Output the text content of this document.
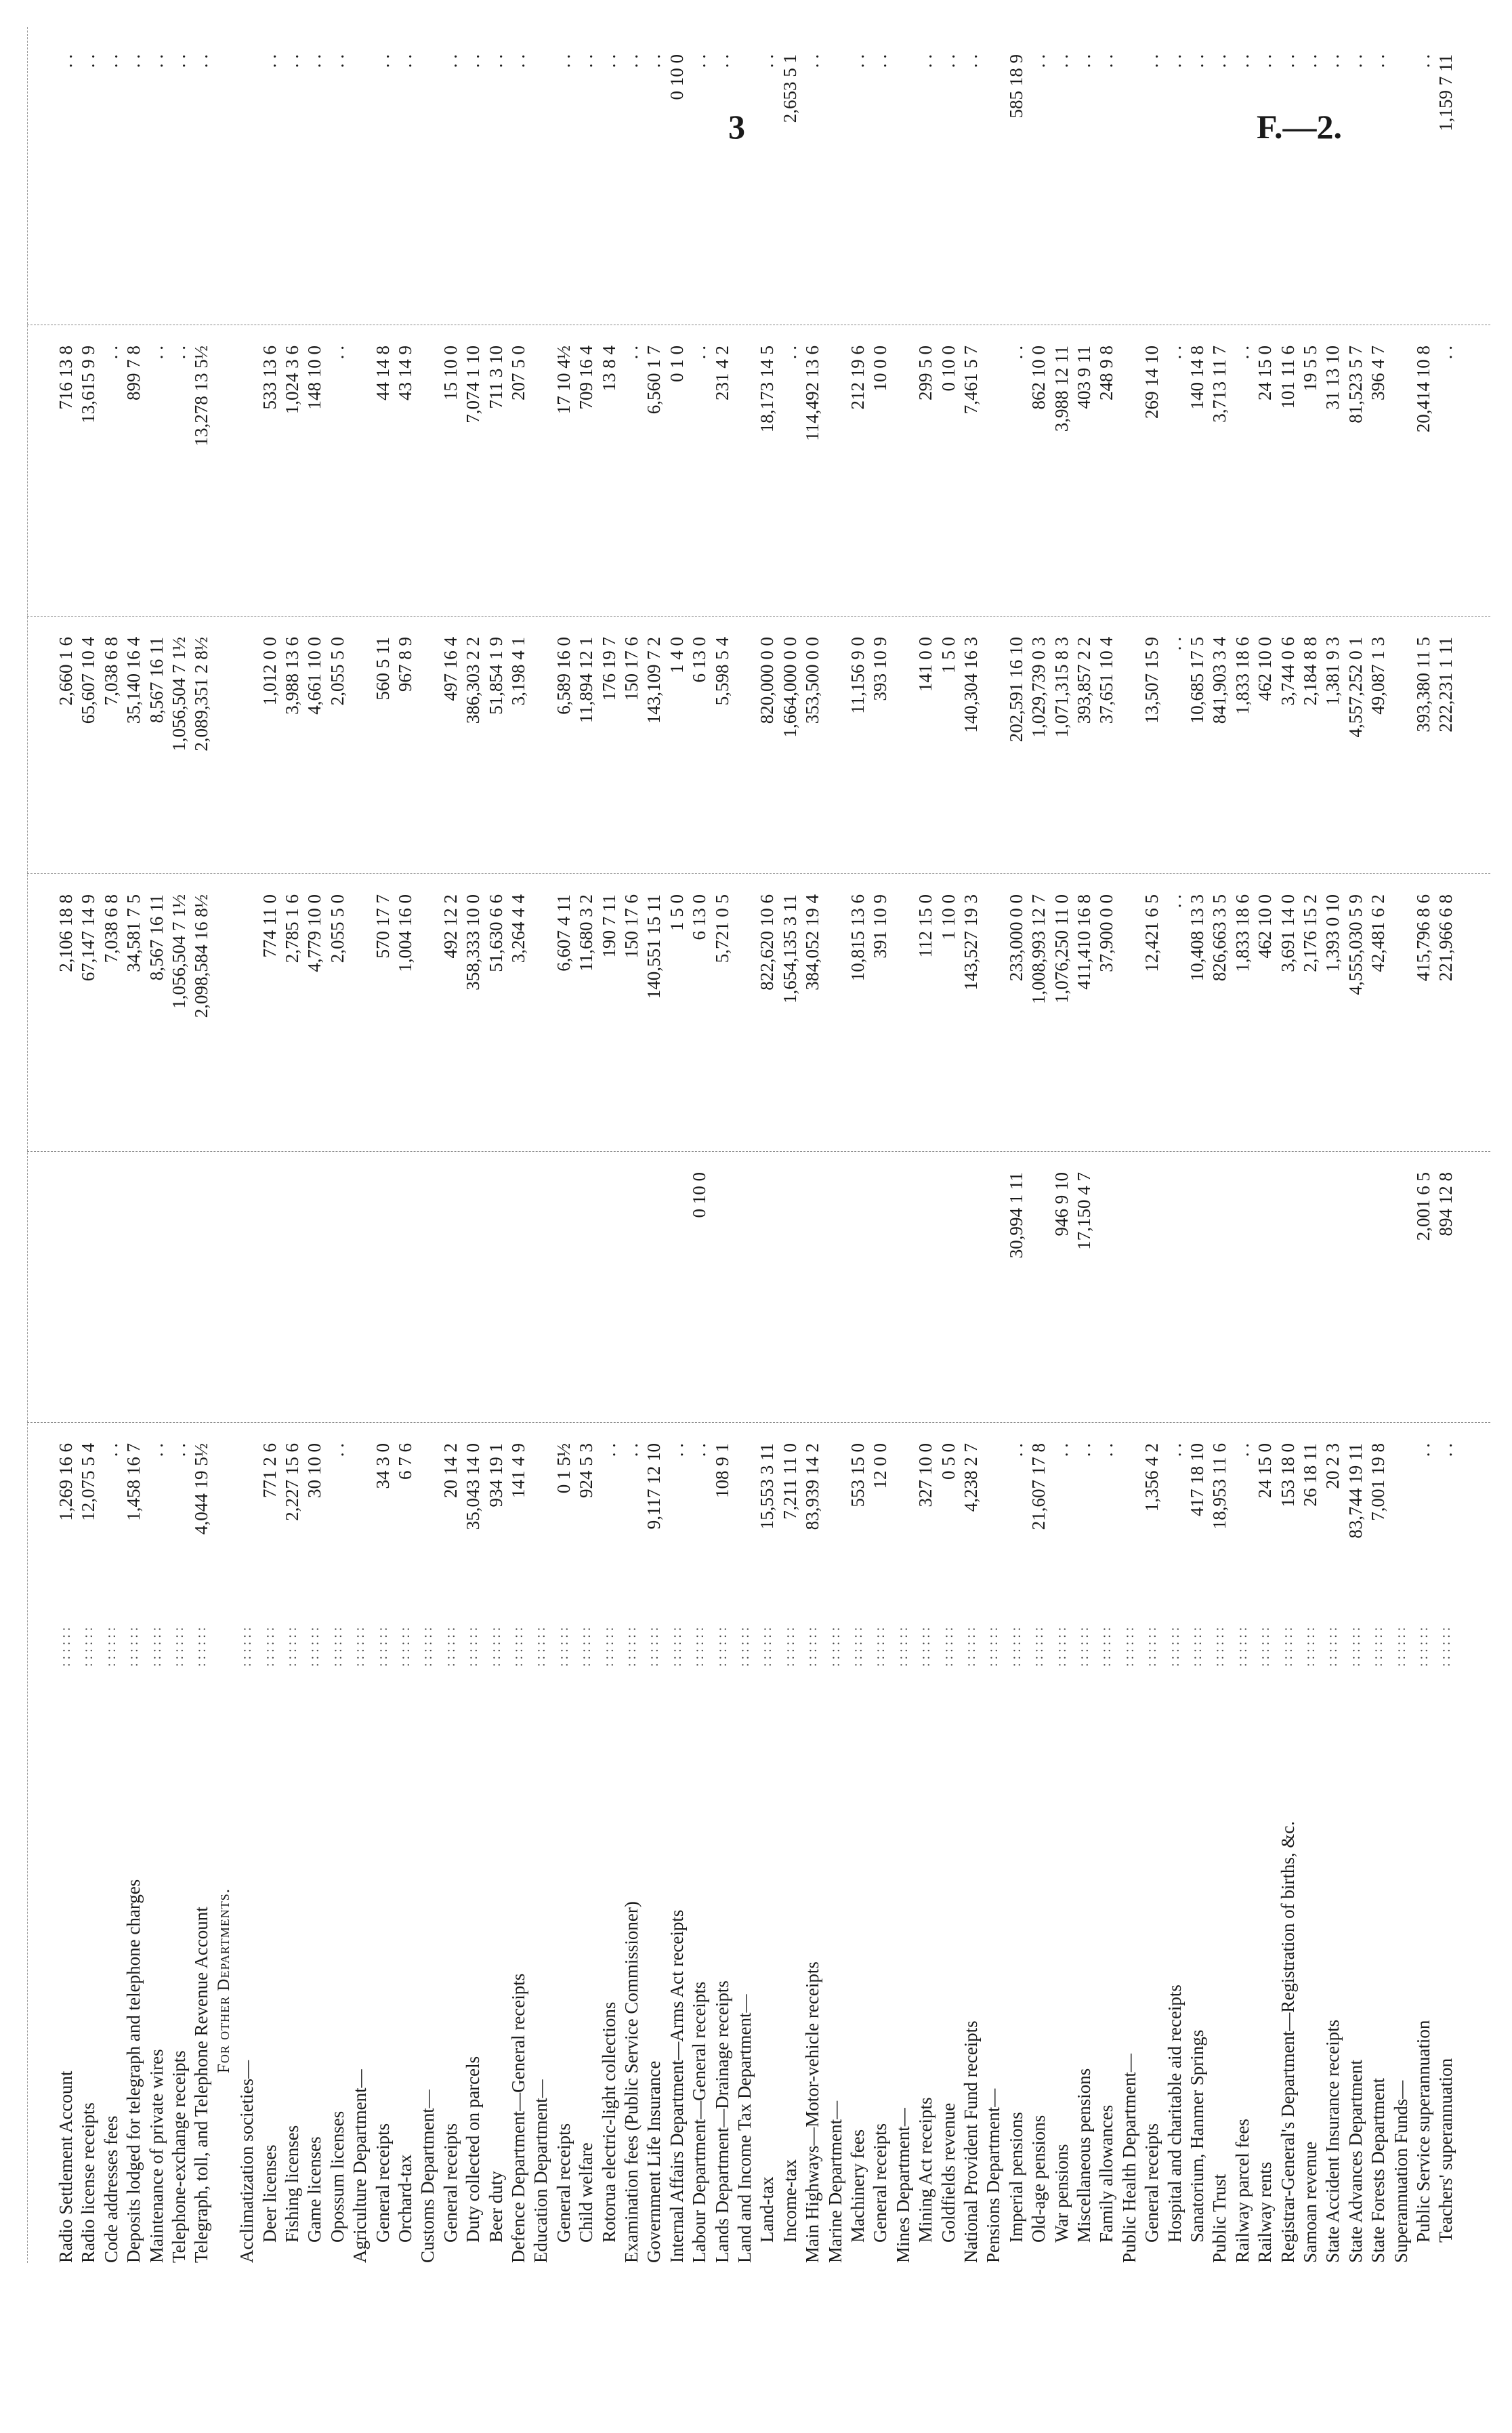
3	F.—2.
Radio Settlement Account
: : : : : :
1,269 16 6
2,106 18 8
2,660 1 6
716 13 8
. .
Radio license receipts
: : : : : :
12,075 5 4
67,147 14 9
65,607 10 4
13,615 9 9
. .
Code addresses fees
: : : : : :
. .
7,038 6 8
7,038 6 8
. .
. .
Deposits lodged for telegraph and telephone charges
: : : : : :
1,458 16 7
34,581 7 5
35,140 16 4
899 7 8
. .
Maintenance of private wires
: : : : : :
. .
8,567 16 11
8,567 16 11
. .
. .
Telephone-exchange receipts
: : : : : :
. .
1,056,504 7 1½
1,056,504 7 1½
. .
. .
Telegraph, toll, and Telephone Revenue Account
: : : : : :
4,044 19 5½
2,098,584 16 8½
2,089,351 2 8½
13,278 13 5½
. .
For other Departments.
Acclimatization societies—
: : : : : :
Deer licenses
: : : : : :
771 2 6
774 11 0
1,012 0 0
533 13 6
. .
Fishing licenses
: : : : : :
2,227 15 6
2,785 1 6
3,988 13 6
1,024 3 6
. .
Game licenses
: : : : : :
30 10 0
4,779 10 0
4,661 10 0
148 10 0
. .
Opossum licenses
: : : : : :
. .
2,055 5 0
2,055 5 0
. .
. .
Agriculture Department—
: : : : : :
General receipts
: : : : : :
34 3 0
570 17 7
560 5 11
44 14 8
. .
Orchard-tax
: : : : : :
6 7 6
1,004 16 0
967 8 9
43 14 9
. .
Customs Department—
: : : : : :
General receipts
: : : : : :
20 14 2
492 12 2
497 16 4
15 10 0
. .
Duty collected on parcels
: : : : : :
35,043 14 0
358,333 10 0
386,303 2 2
7,074 1 10
. .
Beer duty
: : : : : :
934 19 1
51,630 6 6
51,854 1 9
711 3 10
. .
Defence Department—General receipts
: : : : : :
141 4 9
3,264 4 4
3,198 4 1
207 5 0
. .
Education Department—
: : : : : :
General receipts
: : : : : :
0 1 5½
6,607 4 11
6,589 16 0
17 10 4½
. .
Child welfare
: : : : : :
924 5 3
11,680 3 2
11,894 12 1
709 16 4
. .
Rotorua electric-light collections
: : : : : :
. .
190 7 11
176 19 7
13 8 4
. .
Examination fees (Public Service Commissioner)
: : : : : :
. .
150 17 6
150 17 6
. .
. .
Government Life Insurance
: : : : : :
9,117 12 10
140,551 15 11
143,109 7 2
6,560 1 7
. .
Internal Affairs Department—Arms Act receipts
: : : : : :
. .
1 5 0
1 4 0
0 1 0
0 10 0
Labour Department—General receipts
: : : : : :
. .
0 10 0
6 13 0
6 13 0
. .
. .
Lands Department—Drainage receipts
: : : : : :
108 9 1
5,721 0 5
5,598 5 4
231 4 2
. .
Land and Income Tax Department—
: : : : : :
Land-tax
: : : : : :
15,553 3 11
822,620 10 6
820,000 0 0
18,173 14 5
. .
Income-tax
: : : : : :
7,211 11 0
1,654,135 3 11
1,664,000 0 0
. .
2,653 5 1
Main Highways—Motor-vehicle receipts
: : : : : :
83,939 14 2
384,052 19 4
353,500 0 0
114,492 13 6
. .
Marine Department—
: : : : : :
Machinery fees
: : : : : :
553 15 0
10,815 13 6
11,156 9 0
212 19 6
. .
General receipts
: : : : : :
12 0 0
391 10 9
393 10 9
10 0 0
. .
Mines Department—
: : : : : :
Mining Act receipts
: : : : : :
327 10 0
112 15 0
141 0 0
299 5 0
. .
Goldfields revenue
: : : : : :
0 5 0
1 10 0
1 5 0
0 10 0
. .
National Provident Fund receipts
: : : : : :
4,238 2 7
143,527 19 3
140,304 16 3
7,461 5 7
. .
Pensions Department—
: : : : : :
Imperial pensions
: : : : : :
. .
30,994 1 11
233,000 0 0
202,591 16 10
. .
585 18 9
Old-age pensions
: : : : : :
21,607 17 8
1,008,993 12 7
1,029,739 0 3
862 10 0
. .
War pensions
: : : : : :
. .
946 9 10
1,076,250 11 0
1,071,315 8 3
3,988 12 11
. .
Miscellaneous pensions
: : : : : :
. .
17,150 4 7
411,410 16 8
393,857 2 2
403 9 11
. .
Family allowances
: : : : : :
. .
37,900 0 0
37,651 10 4
248 9 8
. .
Public Health Department—
: : : : : :
General receipts
: : : : : :
1,356 4 2
12,421 6 5
13,507 15 9
269 14 10
. .
Hospital and charitable aid receipts
: : : : : :
. .
. .
. .
. .
. .
Sanatorium, Hanmer Springs
: : : : : :
417 18 10
10,408 13 3
10,685 17 5
140 14 8
. .
Public Trust
: : : : : :
18,953 11 6
826,663 3 5
841,903 3 4
3,713 11 7
. .
Railway parcel fees
: : : : : :
. .
1,833 18 6
1,833 18 6
. .
. .
Railway rents
: : : : : :
24 15 0
462 10 0
462 10 0
24 15 0
. .
Registrar-General's Department—Registration of births, &c.
: : : : : :
153 18 0
3,691 14 0
3,744 0 6
101 11 6
. .
Samoan revenue
: : : : : :
26 18 11
2,176 15 2
2,184 8 8
19 5 5
. .
State Accident Insurance receipts
: : : : : :
20 2 3
1,393 0 10
1,381 9 3
31 13 10
. .
State Advances Department
: : : : : :
83,744 19 11
4,555,030 5 9
4,557,252 0 1
81,523 5 7
. .
State Forests Department
: : : : : :
7,001 19 8
42,481 6 2
49,087 1 3
396 4 7
. .
Superannuation Funds—
: : : : : :
Public Service superannuation
: : : : : :
. .
2,001 6 5
415,796 8 6
393,380 11 5
20,414 10 8
. .
Teachers' superannuation
: : : : : :
. .
894 12 8
221,966 6 8
222,231 1 11
. .
1,159 7 11
